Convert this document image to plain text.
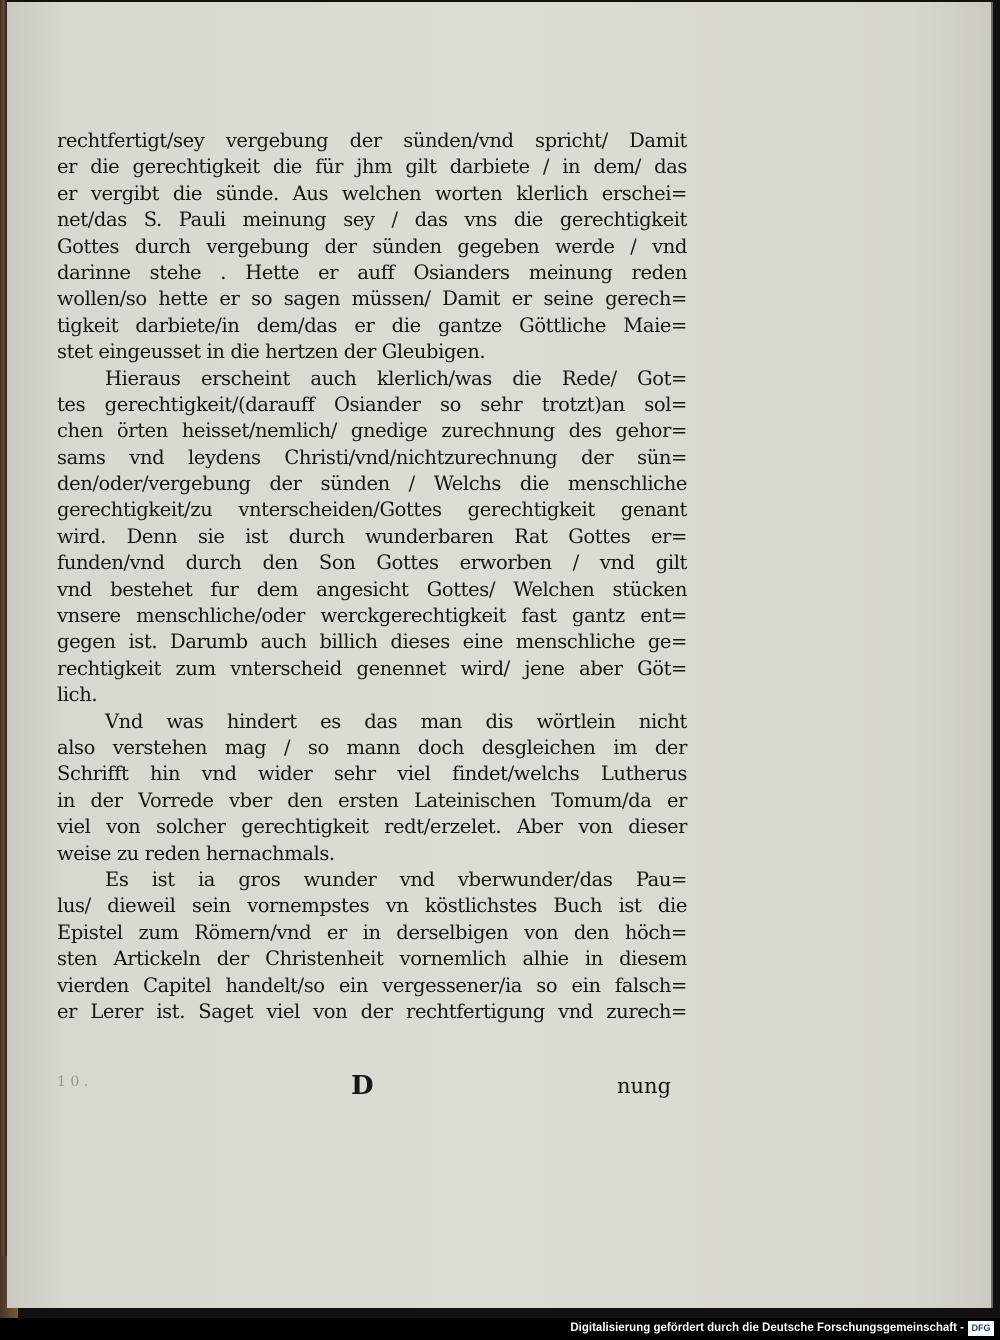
rechtfertigt/sey vergebung der sünden/vnd spricht/ Damit
er die gerechtigkeit die für jhm gilt darbiete / in dem/ das
er vergibt die sünde. Aus welchen worten klerlich erschei=
net/das S. Pauli meinung sey / das vns die gerechtigkeit
Gottes durch vergebung der sünden gegeben werde / vnd
darinne stehe . Hette er auff Osianders meinung reden
wollen/so hette er so sagen müssen/ Damit er seine gerech=
tigkeit darbiete/in dem/das er die gantze Göttliche Maie=
stet eingeusset in die hertzen der Gleubigen.
Hieraus erscheint auch klerlich/was die Rede/ Got=
tes gerechtigkeit/(darauff Osiander so sehr trotzt)an sol=
chen örten heisset/nemlich/ gnedige zurechnung des gehor=
sams vnd leydens Christi/vnd/nichtzurechnung der sün=
den/oder/vergebung der sünden / Welchs die menschliche
gerechtigkeit/zu vnterscheiden/Gottes gerechtigkeit genant
wird. Denn sie ist durch wunderbaren Rat Gottes er=
funden/vnd durch den Son Gottes erworben / vnd gilt
vnd bestehet fur dem angesicht Gottes/ Welchen stücken
vnsere menschliche/oder werckgerechtigkeit fast gantz ent=
gegen ist. Darumb auch billich dieses eine menschliche ge=
rechtigkeit zum vnterscheid genennet wird/ jene aber Göt=
lich.
Vnd was hindert es das man dis wörtlein nicht
also verstehen mag / so mann doch desgleichen im der
Schrifft hin vnd wider sehr viel findet/welchs Lutherus
in der Vorrede vber den ersten Lateinischen Tomum/da er
viel von solcher gerechtigkeit redt/erzelet. Aber von dieser
weise zu reden hernachmals.
Es ist ia gros wunder vnd vberwunder/das Pau=
lus/ dieweil sein vornempstes vn köstlichstes Buch ist die
Epistel zum Römern/vnd er in derselbigen von den höch=
sten Artickeln der Christenheit vornemlich alhie in diesem
vierden Capitel handelt/so ein vergessener/ia so ein falsch=
er Lerer ist. Saget viel von der rechtfertigung vnd zurech=
1 0 .	D	nung
Digitalisierung gefördert durch die Deutsche Forschungsgemeinschaft - DFG
